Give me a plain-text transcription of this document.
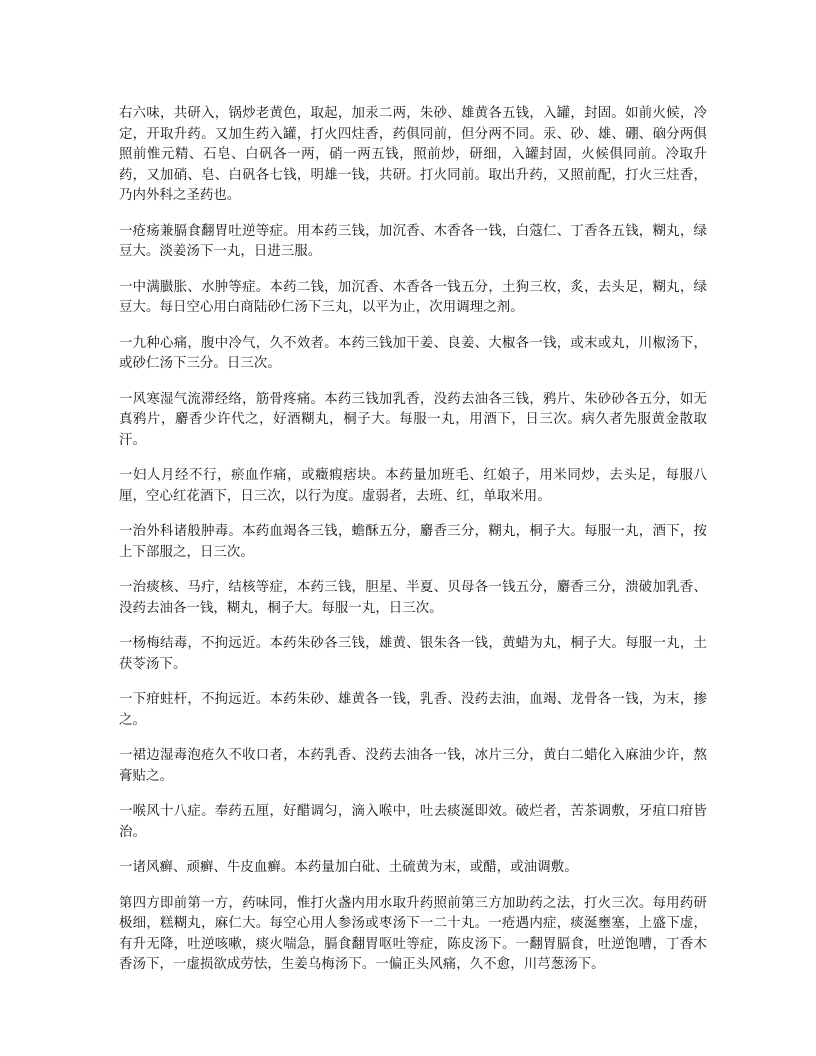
右六味，共研入，锅炒老黄色，取起，加汞二两，朱砂、雄黄各五钱，入罐，封固。如前火候，冷定，开取升药。又加生药入罐，打火四炷香，药俱同前，但分两不同。汞、砂、雄、硼、硇分两俱照前惟元精、石皂、白矾各一两，硝一两五钱，照前炒，研细，入罐封固，火候俱同前。冷取升药，又加硝、皂、白矾各七钱，明雄一钱，共研。打火同前。取出升药，又照前配，打火三炷香，乃内外科之圣药也。

一疮疡兼膈食翻胃吐逆等症。用本药三钱，加沉香、木香各一钱，白蔻仁、丁香各五钱，糊丸，绿豆大。淡姜汤下一丸，日进三服。

一中满臌胀、水肿等症。本药二钱，加沉香、木香各一钱五分，土狗三枚，炙，去头足，糊丸，绿豆大。每日空心用白商陆砂仁汤下三丸，以平为止，次用调理之剂。

一九种心痛，腹中冷气，久不效者。本药三钱加干姜、良姜、大椒各一钱，或末或丸，川椒汤下，或砂仁汤下三分。日三次。

一风寒湿气流滞经络，筋骨疼痛。本药三钱加乳香，没药去油各三钱，鸦片、朱砂砂各五分，如无真鸦片，麝香少许代之，好酒糊丸，桐子大。每服一丸，用酒下，日三次。病久者先服黄金散取汗。

一妇人月经不行，瘀血作痛，或癥瘕痞块。本药量加班毛、红娘子，用米同炒，去头足，每服八厘，空心红花酒下，日三次，以行为度。虚弱者，去班、红，单取米用。

一治外科诸般肿毒。本药血竭各三钱，蟾酥五分，麝香三分，糊丸，桐子大。每服一丸，酒下，按上下部服之，日三次。

一治痰核、马疔，结核等症，本药三钱，胆星、半夏、贝母各一钱五分，麝香三分，溃破加乳香、没药去油各一钱，糊丸，桐子大。每服一丸，日三次。

一杨梅结毒，不拘远近。本药朱砂各三钱，雄黄、银朱各一钱，黄蜡为丸，桐子大。每服一丸，土茯苓汤下。

一下疳蛀杆，不拘远近。本药朱砂、雄黄各一钱，乳香、没药去油，血竭、龙骨各一钱，为末，掺之。

一裙边湿毒泡疮久不收口者，本药乳香、没药去油各一钱，冰片三分，黄白二蜡化入麻油少许，熬膏贴之。

一喉风十八症。奉药五厘，好醋调匀，滴入喉中，吐去痰涎即效。破烂者，苦茶调敷，牙疽口疳皆治。

一诸风癣、顽癣、牛皮血癣。本药量加白砒、土硫黄为末，或醋，或油调敷。

第四方即前第一方，药味同，惟打火盏内用水取升药照前第三方加助药之法，打火三次。每用药研极细，糕糊丸，麻仁大。每空心用人参汤或枣汤下一二十丸。一疮遇内症，痰涎壅塞，上盛下虚，有升无降，吐逆咳嗽，痰火喘急，膈食翻胃呕吐等症，陈皮汤下。一翻胃膈食，吐逆饱嘈，丁香木香汤下，一虚损欲成劳怯，生姜乌梅汤下。一偏正头风痛，久不愈，川芎葱汤下。
